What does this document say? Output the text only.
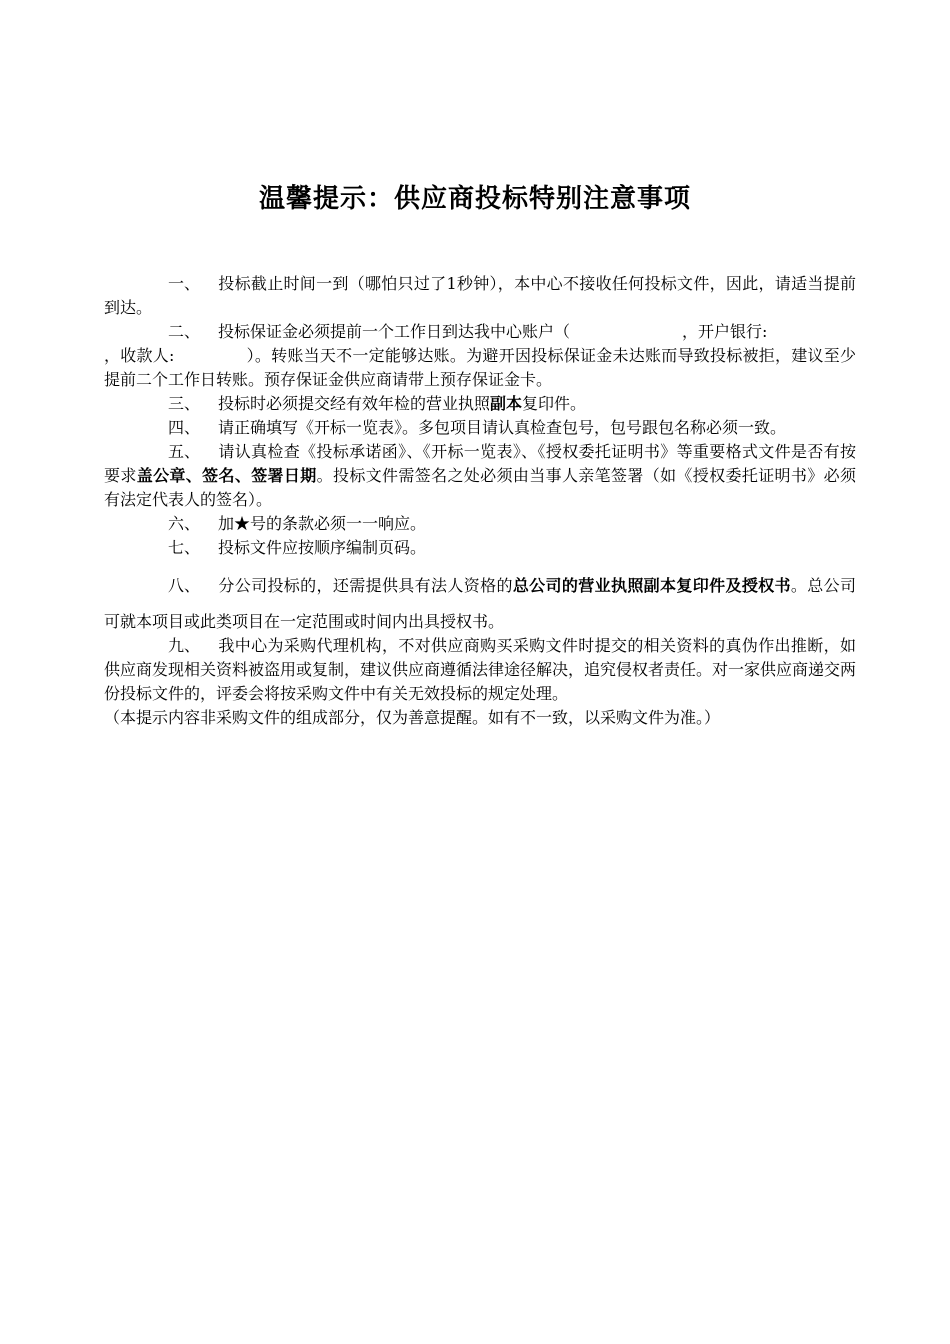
温馨提示：供应商投标特别注意事项

一、 投标截止时间一到（哪怕只过了1秒钟），本中心不接收任何投标文件，因此，请适当提前到达。

二、 投标保证金必须提前一个工作日到达我中心账户（	，开户银行:
，收款人:	）。转账当天不一定能够达账。为避开因投标保证金未达账而导致投标被拒，建议至少提前二个工作日转账。预存保证金供应商请带上预存保证金卡。

三、 投标时必须提交经有效年检的营业执照副本复印件。

四、 请正确填写《开标一览表》。多包项目请认真检查包号，包号跟包名称必须一致。

五、 请认真检查《投标承诺函》、《开标一览表》、《授权委托证明书》等重要格式文件是否有按要求盖公章、签名、签署日期。投标文件需签名之处必须由当事人亲笔签署（如《授权委托证明书》必须有法定代表人的签名）。

六、 加★号的条款必须一一响应。

七、 投标文件应按顺序编制页码。

八、 分公司投标的，还需提供具有法人资格的总公司的营业执照副本复印件及授权书。总公司可就本项目或此类项目在一定范围或时间内出具授权书。

九、 我中心为采购代理机构，不对供应商购买采购文件时提交的相关资料的真伪作出推断，如供应商发现相关资料被盗用或复制，建议供应商遵循法律途径解决，追究侵权者责任。对一家供应商递交两份投标文件的，评委会将按采购文件中有关无效投标的规定处理。

（本提示内容非采购文件的组成部分，仅为善意提醒。如有不一致，以采购文件为准。）
